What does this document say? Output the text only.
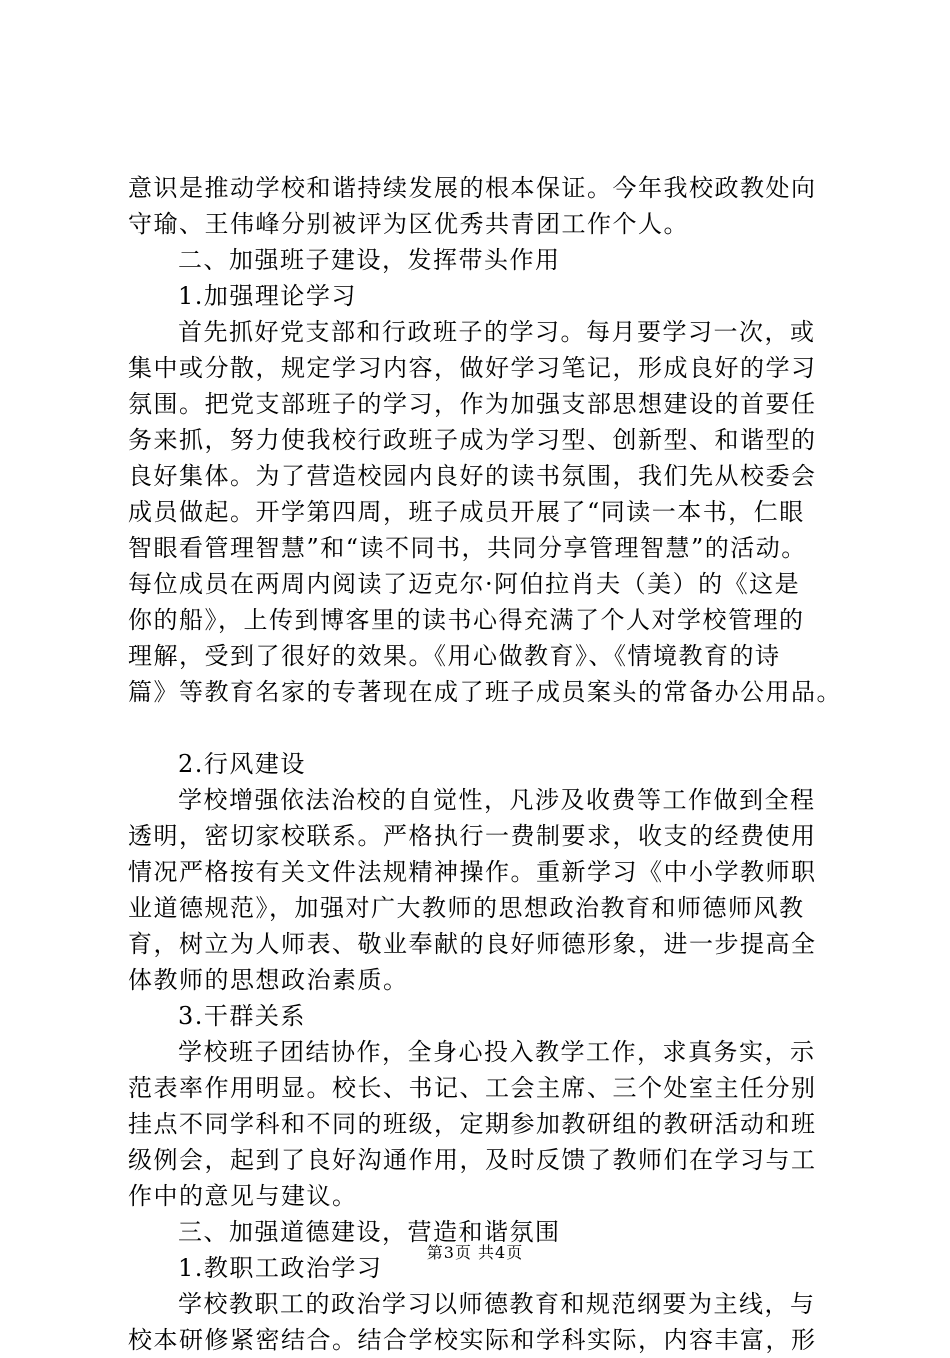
意识是推动学校和谐持续发展的根本保证。今年我校政教处向
守瑜、王伟峰分别被评为区优秀共青团工作个人。
二、加强班子建设，发挥带头作用
1.加强理论学习
首先抓好党支部和行政班子的学习。每月要学习一次，或
集中或分散，规定学习内容，做好学习笔记，形成良好的学习
氛围。把党支部班子的学习，作为加强支部思想建设的首要任
务来抓，努力使我校行政班子成为学习型、创新型、和谐型的
良好集体。为了营造校园内良好的读书氛围，我们先从校委会
成员做起。开学第四周，班子成员开展了“同读一本书，仁眼
智眼看管理智慧”和“读不同书，共同分享管理智慧”的活动。
每位成员在两周内阅读了迈克尔·阿伯拉肖夫（美）的《这是
你的船》，上传到博客里的读书心得充满了个人对学校管理的
理解，受到了很好的效果。《用心做教育》、《情境教育的诗
篇》等教育名家的专著现在成了班子成员案头的常备办公用品。
2.行风建设
学校增强依法治校的自觉性，凡涉及收费等工作做到全程
透明，密切家校联系。严格执行一费制要求，收支的经费使用
情况严格按有关文件法规精神操作。重新学习《中小学教师职
业道德规范》，加强对广大教师的思想政治教育和师德师风教
育，树立为人师表、敬业奉献的良好师德形象，进一步提高全
体教师的思想政治素质。
3.干群关系
学校班子团结协作，全身心投入教学工作，求真务实，示
范表率作用明显。校长、书记、工会主席、三个处室主任分别
挂点不同学科和不同的班级，定期参加教研组的教研活动和班
级例会，起到了良好沟通作用，及时反馈了教师们在学习与工
作中的意见与建议。
三、加强道德建设，营造和谐氛围
1.教职工政治学习
学校教职工的政治学习以师德教育和规范纲要为主线，与
校本研修紧密结合。结合学校实际和学科实际，内容丰富，形
第3页 共4页
